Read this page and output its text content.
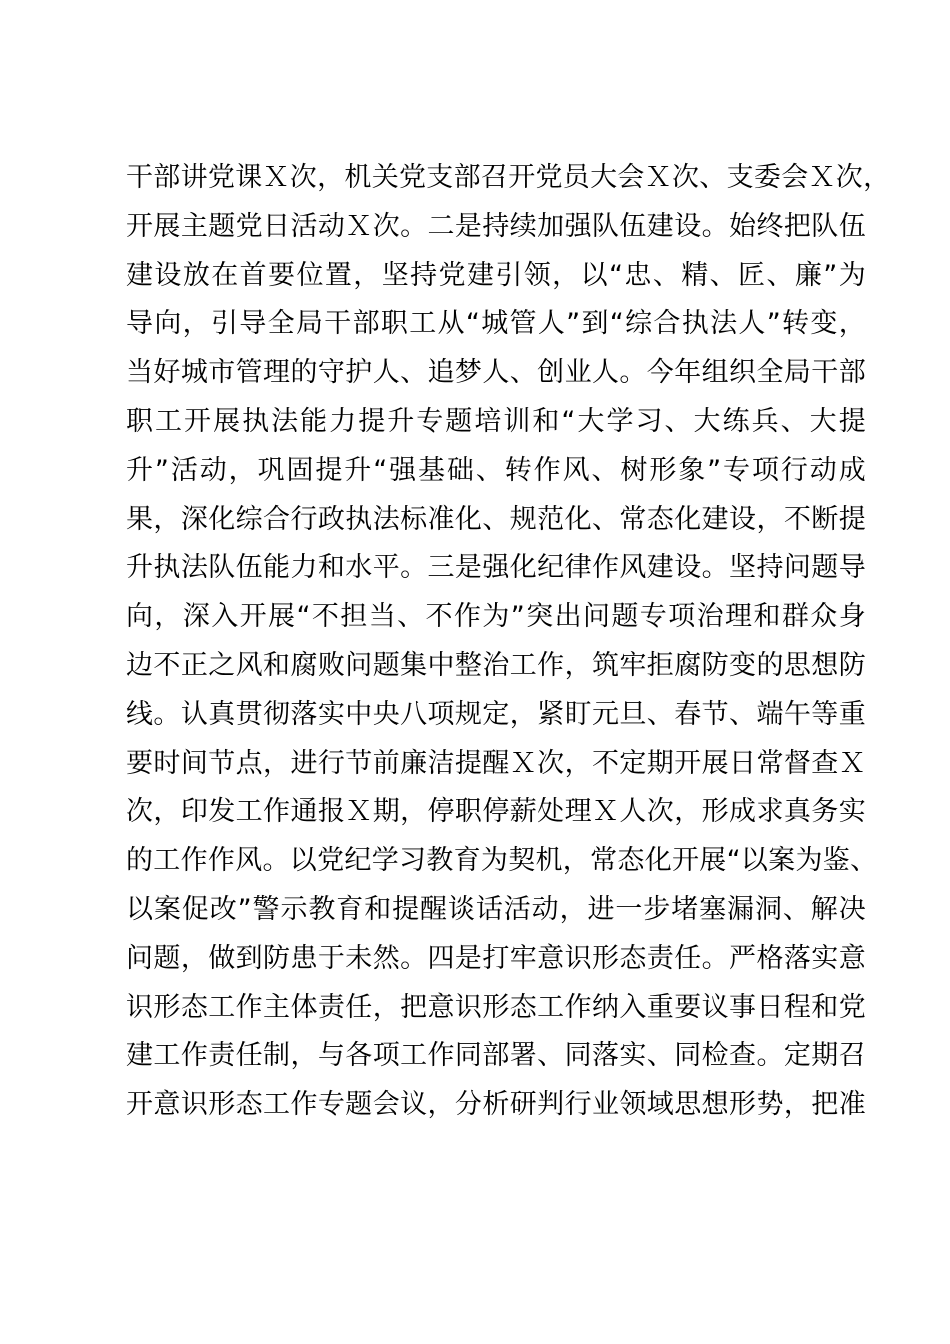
干部讲党课Ｘ次，机关党支部召开党员大会Ｘ次、支委会Ｘ次，
开展主题党日活动Ｘ次。二是持续加强队伍建设。始终把队伍
建设放在首要位置，坚持党建引领，以“忠、精、匠、廉”为
导向，引导全局干部职工从“城管人”到“综合执法人”转变，
当好城市管理的守护人、追梦人、创业人。今年组织全局干部
职工开展执法能力提升专题培训和“大学习、大练兵、大提
升”活动，巩固提升“强基础、转作风、树形象”专项行动成
果，深化综合行政执法标准化、规范化、常态化建设，不断提
升执法队伍能力和水平。三是强化纪律作风建设。坚持问题导
向，深入开展“不担当、不作为”突出问题专项治理和群众身
边不正之风和腐败问题集中整治工作，筑牢拒腐防变的思想防
线。认真贯彻落实中央八项规定，紧盯元旦、春节、端午等重
要时间节点，进行节前廉洁提醒Ｘ次，不定期开展日常督查Ｘ
次，印发工作通报Ｘ期，停职停薪处理Ｘ人次，形成求真务实
的工作作风。以党纪学习教育为契机，常态化开展“以案为鉴、
以案促改”警示教育和提醒谈话活动，进一步堵塞漏洞、解决
问题，做到防患于未然。四是打牢意识形态责任。严格落实意
识形态工作主体责任，把意识形态工作纳入重要议事日程和党
建工作责任制，与各项工作同部署、同落实、同检查。定期召
开意识形态工作专题会议，分析研判行业领域思想形势，把准
